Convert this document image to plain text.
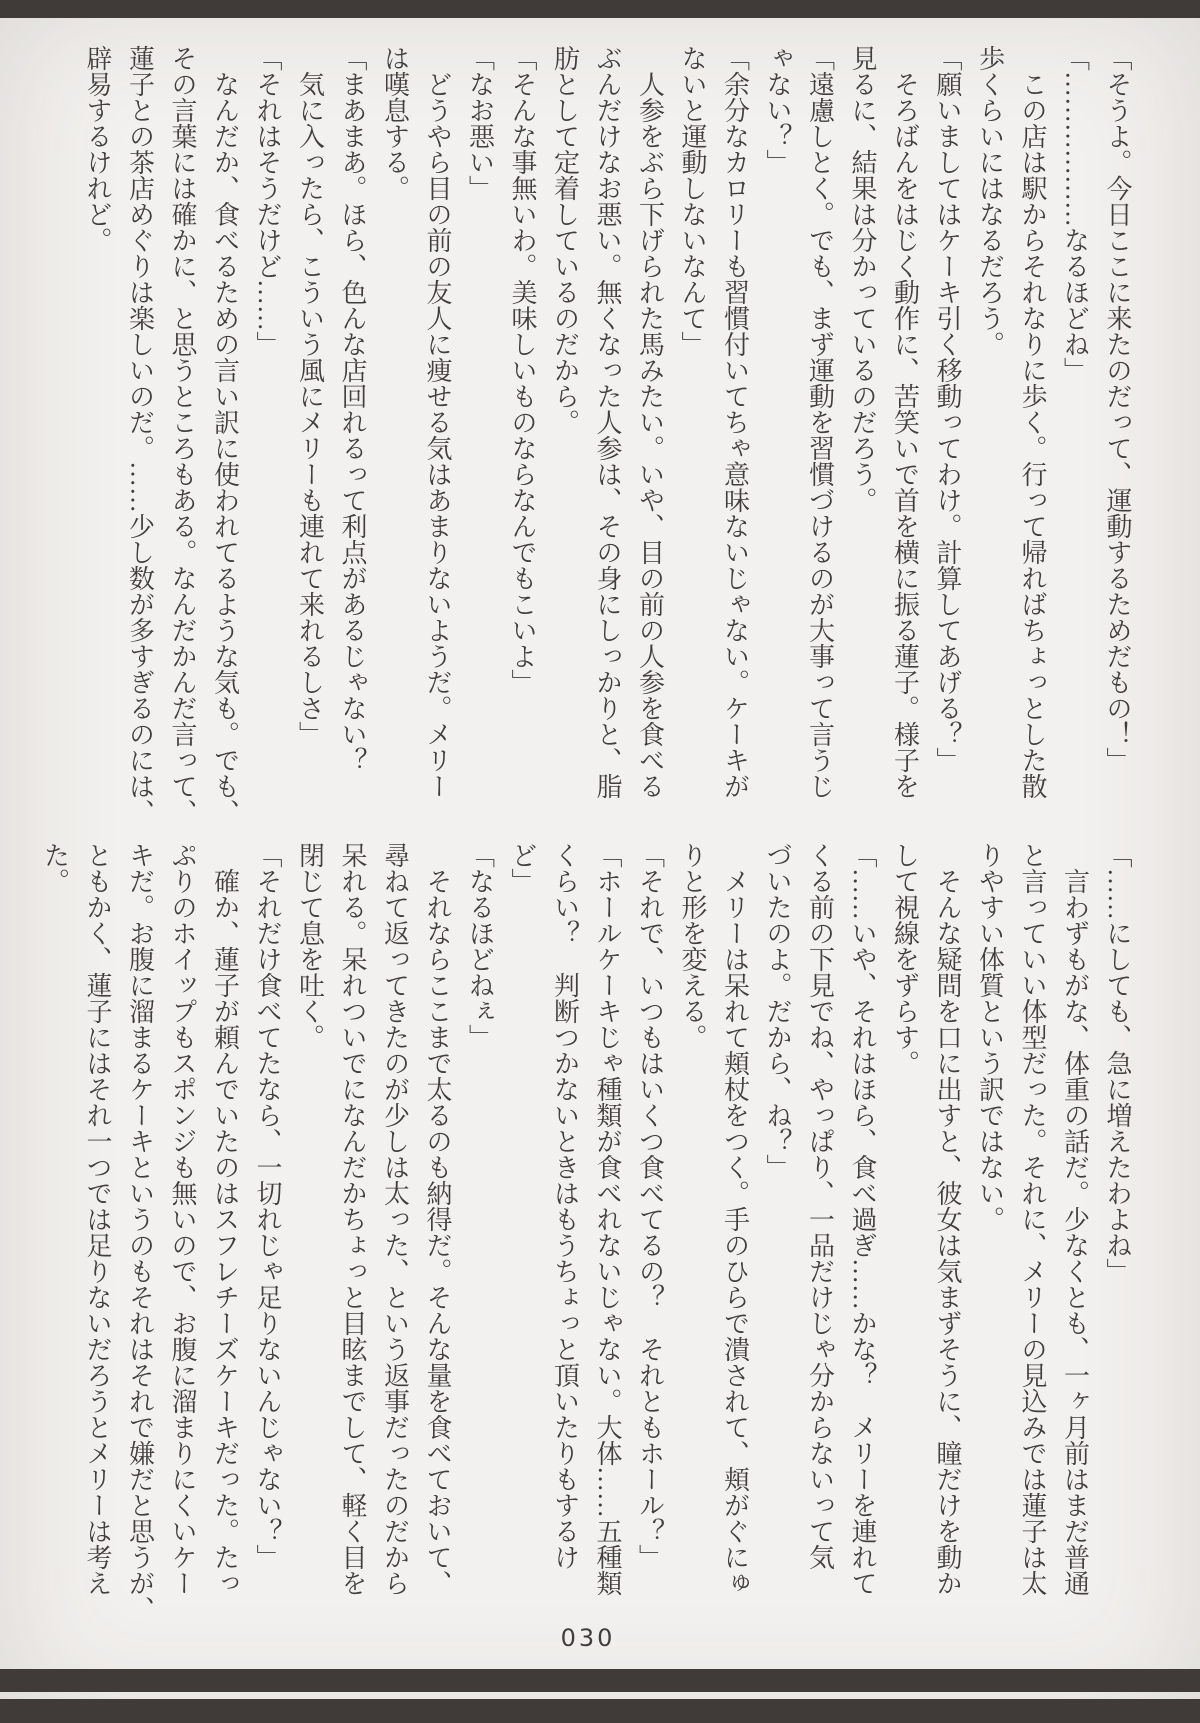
「そうよ。今日ここに来たのだって、運動するためだもの！」

「………………なるほどね」

　この店は駅からそれなりに歩く。行って帰ればちょっとした散

歩くらいにはなるだろう。

「願いましてはケーキ引く移動ってわけ。計算してあげる？」

　そろばんをはじく動作に、苦笑いで首を横に振る蓮子。様子を

見るに、結果は分かっているのだろう。

「遠慮しとく。でも、まず運動を習慣づけるのが大事って言うじ

ゃない？」

「余分なカロリーも習慣付いてちゃ意味ないじゃない。ケーキが

ないと運動しないなんて」

　人参をぶら下げられた馬みたい。いや、目の前の人参を食べる

ぶんだけなお悪い。無くなった人参は、その身にしっかりと、脂

肪として定着しているのだから。

「そんな事無いわ。美味しいものならなんでもこいよ」

「なお悪い」

　どうやら目の前の友人に痩せる気はあまりないようだ。メリー

は嘆息する。

「まあまあ。ほら、色んな店回れるって利点があるじゃない？

　気に入ったら、こういう風にメリーも連れて来れるしさ」

「それはそうだけど……」

　なんだか、食べるための言い訳に使われてるような気も。でも、

その言葉には確かに、と思うところもある。なんだかんだ言って、

蓮子との茶店めぐりは楽しいのだ。……少し数が多すぎるのには、

辟易するけれど。

「……にしても、急に増えたわよね」

　言わずもがな、体重の話だ。少なくとも、一ヶ月前はまだ普通

と言っていい体型だった。それに、メリーの見込みでは蓮子は太

りやすい体質という訳ではない。

　そんな疑問を口に出すと、彼女は気まずそうに、瞳だけを動か

して視線をずらす。

「……いや、それはほら、食べ過ぎ……かな？　メリーを連れて

くる前の下見でね、やっぱり、一品だけじゃ分からないって気

づいたのよ。だから、ね？」

　メリーは呆れて頬杖をつく。手のひらで潰されて、頬がぐにゅ

りと形を変える。

「それで、いつもはいくつ食べてるの？　それともホール？」

「ホールケーキじゃ種類が食べれないじゃない。大体……五種類

くらい？　判断つかないときはもうちょっと頂いたりもするけ

ど」

「なるほどねぇ」

　それならここまで太るのも納得だ。そんな量を食べておいて、

尋ねて返ってきたのが少しは太った、という返事だったのだから

呆れる。呆れついでになんだかちょっと目眩までして、軽く目を

閉じて息を吐く。

「それだけ食べてたなら、一切れじゃ足りないんじゃない？」

　確か、蓮子が頼んでいたのはスフレチーズケーキだった。たっ

ぷりのホイップもスポンジも無いので、お腹に溜まりにくいケー

キだ。お腹に溜まるケーキというのもそれはそれで嫌だと思うが、

ともかく、蓮子にはそれ一つでは足りないだろうとメリーは考え

た。

030
